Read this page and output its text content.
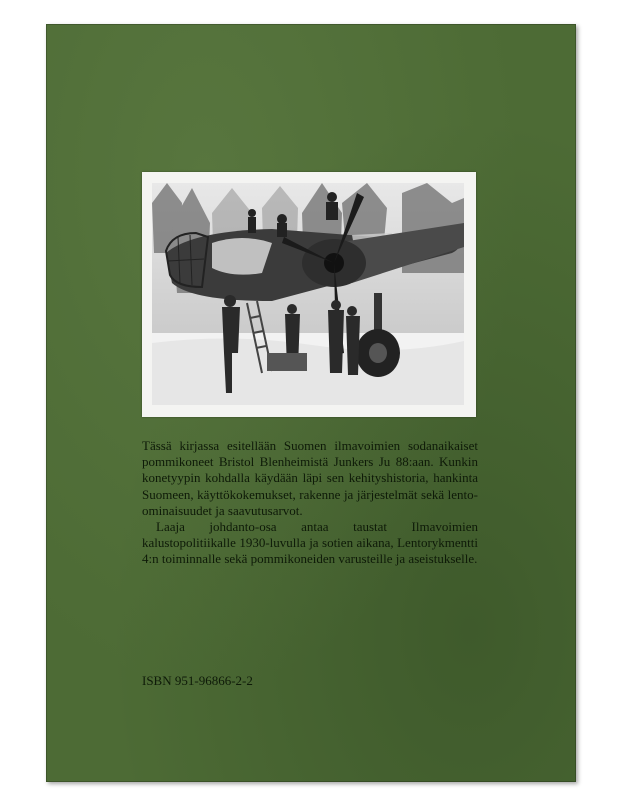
Tässä kirjassa esitellään Suomen ilmavoimien sodanaikaiset pommikoneet Bristol Blenheimistä Junkers Ju 88:aan. Kunkin konetyypin kohdalla käydään läpi sen kehityshistoria, hankinta Suomeen, käyttökokemukset, rakenne ja järjestelmät sekä lento-ominaisuudet ja saavutusarvot.

Laaja johdanto-osa antaa taustat Ilmavoimien kalustopolitiikalle 1930-luvulla ja sotien aikana, Lentorykmentti 4:n toiminnalle sekä pommikoneiden varusteille ja aseistukselle.

ISBN 951-96866-2-2
